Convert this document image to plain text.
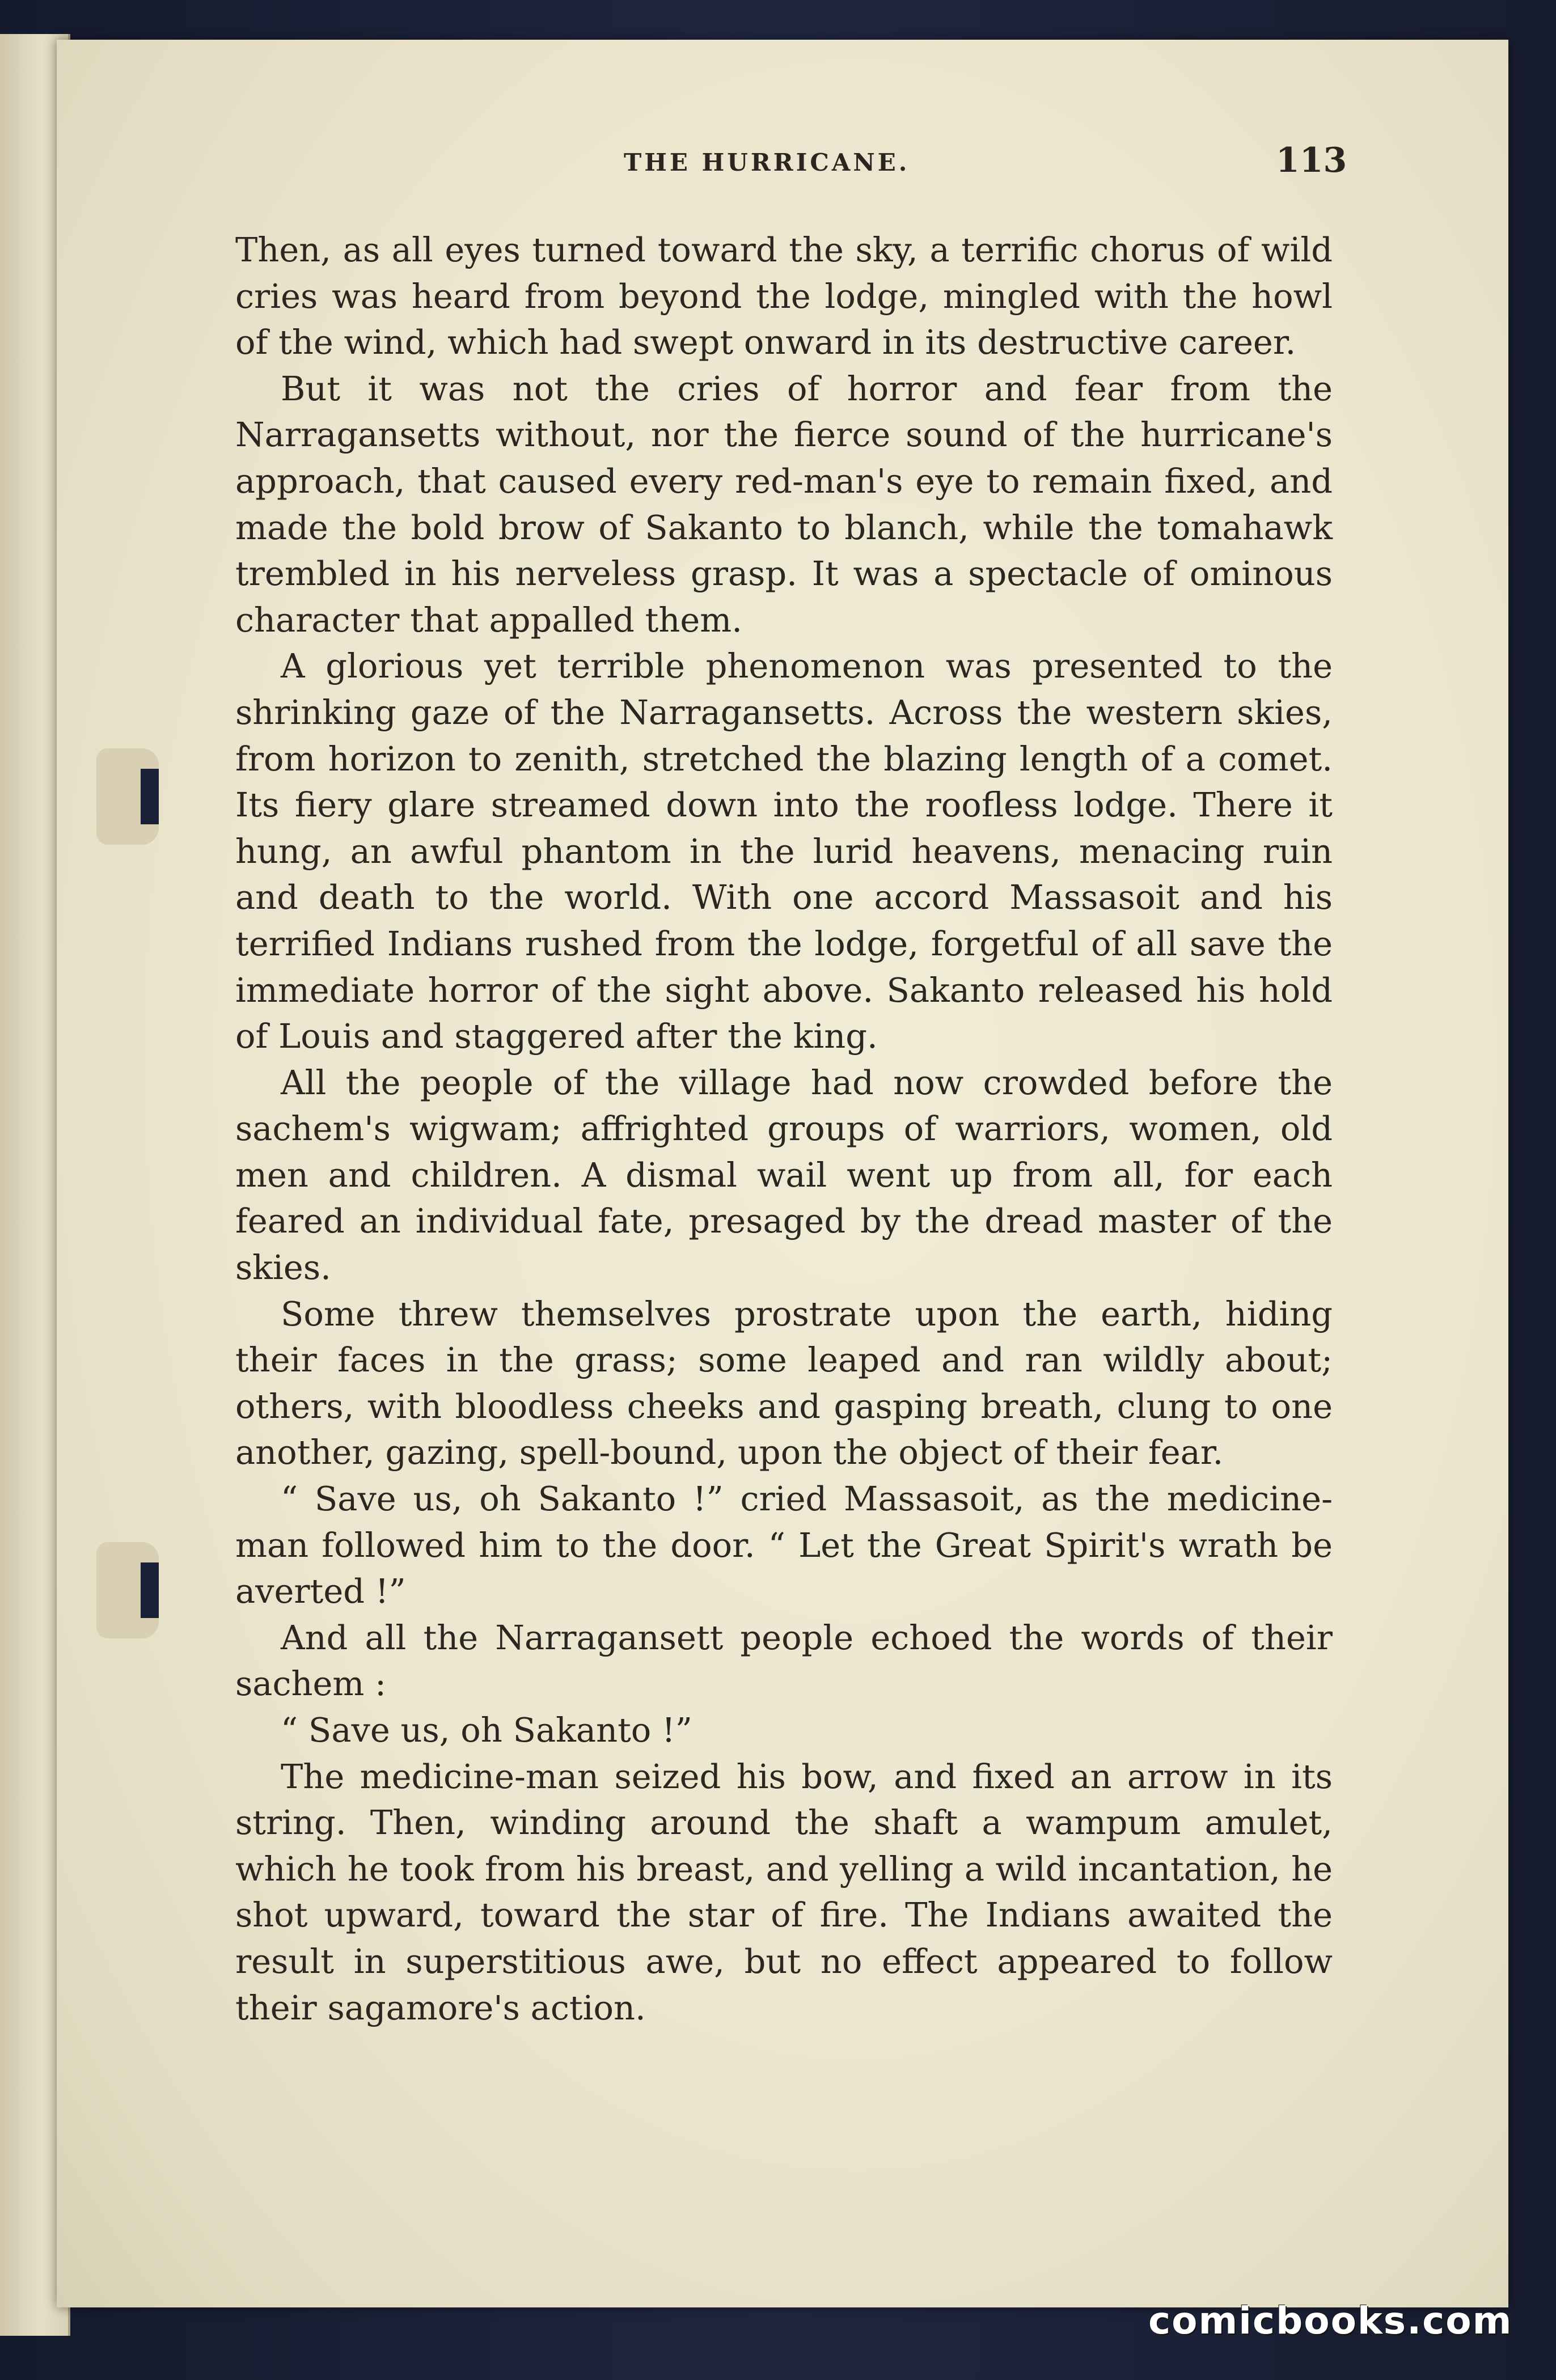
THE HURRICANE.	113

Then, as all eyes turned toward the sky, a terrific chorus of wild cries was heard from beyond the lodge, mingled with the howl of the wind, which had swept onward in its destructive career.

But it was not the cries of horror and fear from the Narragansetts without, nor the fierce sound of the hurricane's approach, that caused every red-man's eye to remain fixed, and made the bold brow of Sakanto to blanch, while the tomahawk trembled in his nerveless grasp. It was a spectacle of ominous character that appalled them.

A glorious yet terrible phenomenon was presented to the shrinking gaze of the Narragansetts. Across the western skies, from horizon to zenith, stretched the blazing length of a comet. Its fiery glare streamed down into the roofless lodge. There it hung, an awful phantom in the lurid heavens, menacing ruin and death to the world. With one accord Massasoit and his terrified Indians rushed from the lodge, forgetful of all save the immediate horror of the sight above. Sakanto released his hold of Louis and staggered after the king.

All the people of the village had now crowded before the sachem's wigwam; affrighted groups of warriors, women, old men and children. A dismal wail went up from all, for each feared an individual fate, presaged by the dread master of the skies.

Some threw themselves prostrate upon the earth, hiding their faces in the grass; some leaped and ran wildly about; others, with bloodless cheeks and gasping breath, clung to one another, gazing, spell-bound, upon the object of their fear.

“ Save us, oh Sakanto !” cried Massasoit, as the medicine-man followed him to the door. “ Let the Great Spirit's wrath be averted !”

And all the Narragansett people echoed the words of their sachem :

“ Save us, oh Sakanto !”

The medicine-man seized his bow, and fixed an arrow in its string. Then, winding around the shaft a wampum amulet, which he took from his breast, and yelling a wild incantation, he shot upward, toward the star of fire. The Indians awaited the result in superstitious awe, but no effect appeared to follow their sagamore's action.

comicbooks.com
